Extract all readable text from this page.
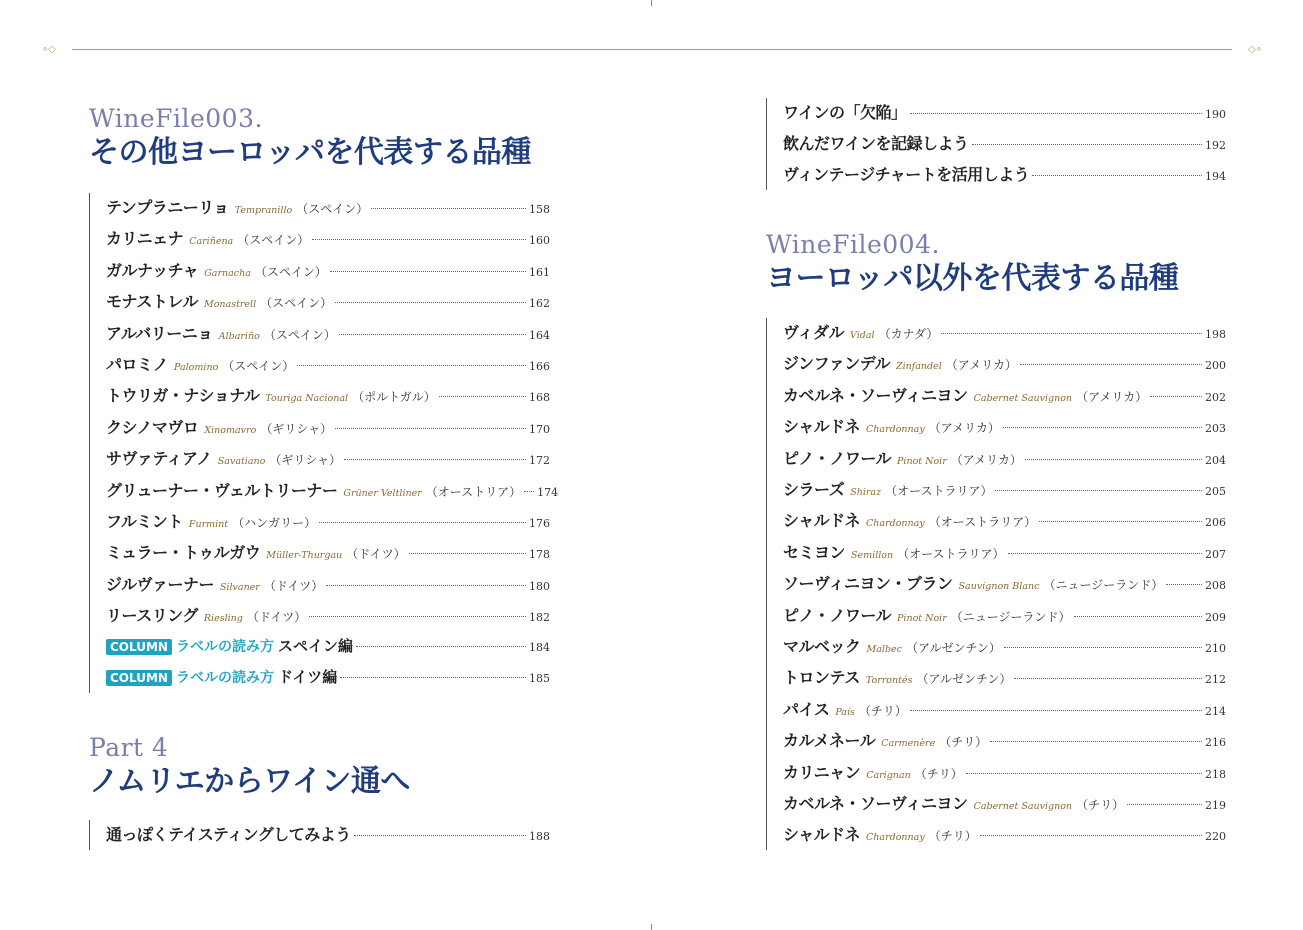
∘◇	◇∘
WineFile003.
その他ヨーロッパを代表する品種
テンプラニーリョ Tempranillo （スペイン）	158
カリニェナ Cariñena （スペイン）	160
ガルナッチャ Garnacha （スペイン）	161
モナストレル Monastrell （スペイン）	162
アルバリーニョ Albariño （スペイン）	164
パロミノ Palomino （スペイン）	166
トウリガ・ナショナル Touriga Nacional （ポルトガル）	168
クシノマヴロ Xinomavro （ギリシャ）	170
サヴァティアノ Savatiano （ギリシャ）	172
グリューナー・ヴェルトリーナー Grüner Veltliner （オーストリア） 174
フルミント Furmint （ハンガリー）	176
ミュラー・トゥルガウ Müller-Thurgau （ドイツ）	178
ジルヴァーナー Silvaner （ドイツ）	180
リースリング Riesling （ドイツ）	182
COLUMN ラベルの読み方 スペイン編	184
COLUMN ラベルの読み方 ドイツ編	185
Part 4
ノムリエからワイン通へ
通っぽくテイスティングしてみよう	188
ワインの「欠陥」	190
飲んだワインを記録しよう	192
ヴィンテージチャートを活用しよう	194
WineFile004.
ヨーロッパ以外を代表する品種
ヴィダル Vidal （カナダ）	198
ジンファンデル Zinfandel （アメリカ）	200
カベルネ・ソーヴィニヨン Cabernet Sauvignon （アメリカ）	202
シャルドネ Chardonnay （アメリカ）	203
ピノ・ノワール Pinot Noir （アメリカ）	204
シラーズ Shiraz （オーストラリア）	205
シャルドネ Chardonnay （オーストラリア）	206
セミヨン Semillon （オーストラリア）	207
ソーヴィニヨン・ブラン Sauvignon Blanc （ニュージーランド）	208
ピノ・ノワール Pinot Noir （ニュージーランド）	209
マルベック Malbec （アルゼンチン）	210
トロンテス Torrontés （アルゼンチン）	212
パイス País （チリ）	214
カルメネール Carmenère （チリ）	216
カリニャン Carignan （チリ）	218
カベルネ・ソーヴィニヨン Cabernet Sauvignon （チリ）	219
シャルドネ Chardonnay （チリ）	220
